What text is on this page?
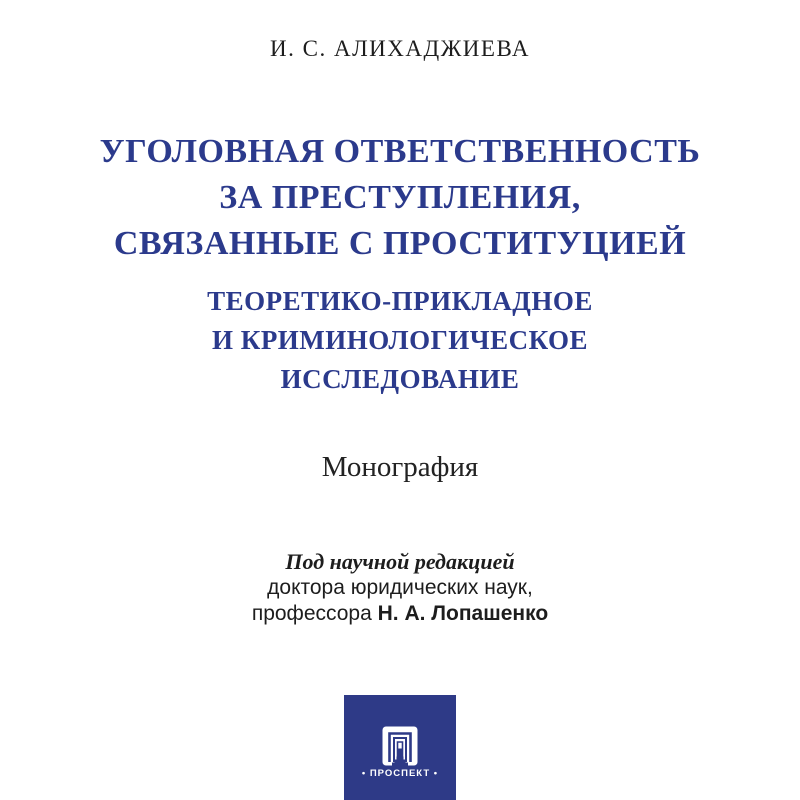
И. С. АЛИХАДЖИЕВА
УГОЛОВНАЯ ОТВЕТСТВЕННОСТЬ
ЗА ПРЕСТУПЛЕНИЯ,
СВЯЗАННЫЕ С ПРОСТИТУЦИЕЙ
ТЕОРЕТИКО-ПРИКЛАДНОЕ
И КРИМИНОЛОГИЧЕСКОЕ
ИССЛЕДОВАНИЕ
Монография
Под научной редакцией
доктора юридических наук,
профессора Н. А. Лопашенко
• ПРОСПЕКТ •
